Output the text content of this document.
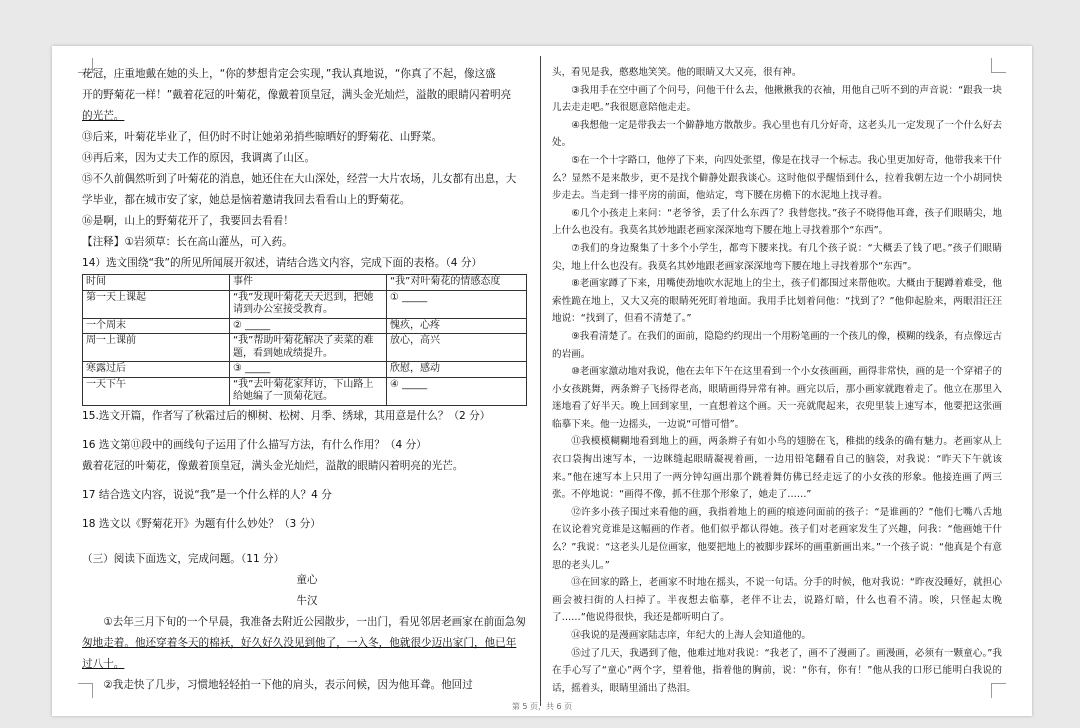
花冠，庄重地戴在她的头上，“你的梦想肯定会实现，”我认真地说，“你真了不起，像这盛

开的野菊花一样！”戴着花冠的叶菊花，像戴着顶皇冠，满头金光灿烂，溢散的眼睛闪着明亮

的光芒。

⑬后来，叶菊花毕业了，但仍时不时让她弟弟捎些晾晒好的野菊花、山野菜。

⑭再后来，因为丈夫工作的原因，我调离了山区。

⑮不久前偶然听到了叶菊花的消息，她还住在大山深处，经营一大片农场，儿女都有出息，大

学毕业，都在城市安了家，她总是恼着邀请我回去看看山上的野菊花。

⑯是啊，山上的野菊花开了，我要回去看看！

【注释】①岩须草：长在高山灌丛，可入药。

14）选文围绕“我”的所见所闻展开叙述，请结合选文内容，完成下面的表格。（4 分）

时间	事件	“我”对叶菊花的情感态度
第一天上课起	“我”发现叶菊花天天迟到，把她请到办公室接受教育。	① _____
一个周末	② _____	愧疚，心疼
周一上课前	“我”帮助叶菊花解决了卖菜的难题，看到她成绩提升。	放心，高兴
寒露过后	③ _____	欣慰，感动
一天下午	“我”去叶菊花家拜访，下山路上给她编了一顶菊花冠。	④ _____

15.选文开篇，作者写了秋霜过后的柳树、松树、月季、绣球，其用意是什么？（2 分）

16 选文第⑪段中的画线句子运用了什么描写方法，有什么作用？（4 分）

戴着花冠的叶菊花，像戴着顶皇冠，满头金光灿烂，溢散的眼睛闪着明亮的光芒。

17 结合选文内容，说说“我”是一个什么样的人？4 分

18 选文以《野菊花开》为题有什么妙处？（3 分）

（三）阅读下面选文，完成问题。（11 分）

童心

牛汉

①去年三月下旬的一个早晨，我准备去附近公园散步，一出门，看见邻居老画家在前面急匆

匆地走着。他还穿着冬天的棉袄，好久好久没见到他了，一入冬，他就很少迈出家门，他已年

过八十。

②我走快了几步，习惯地轻轻拍一下他的肩头，表示问候，因为他耳聋。他回过

头，看见是我，憨憨地笑笑。他的眼睛又大又亮，很有神。

③我用手在空中画了个问号，问他干什么去，他揪揪我的衣袖，用他自己听不到的声音说：“跟我一块儿去走走吧。”我很愿意陪他走走。

④我想他一定是带我去一个僻静地方散散步。我心里也有几分好奇，这老头儿一定发现了一个什么好去处。

⑤在一个十字路口，他停了下来，向四处张望，像是在找寻一个标志。我心里更加好奇，他带我来干什么？显然不是来散步，更不是找个僻静处跟我谈心。这时他似乎醒悟到什么，拉着我朝左边一个小胡同快步走去。当走到一排平房的前面，他站定，弯下腰在房檐下的水泥地上找寻着。

⑥几个小孩走上来问：“老爷爷，丢了什么东西了？我替您找。”孩子不晓得他耳聋，孩子们眼睛尖，地上什么也没有。我莫名其妙地跟老画家深深地弯下腰在地上寻找着那个“东西”。

⑦我们的身边聚集了十多个小学生，都弯下腰来找。有几个孩子说：“大概丢了钱了吧。”孩子们眼睛尖，地上什么也没有。我莫名其妙地跟老画家深深地弯下腰在地上寻找着那个“东西”。

⑧老画家蹲了下来，用嘴使劲地吹水泥地上的尘土，孩子们都围过来帮他吹。大概由于腿蹲着难受，他索性跪在地上，又大又亮的眼睛死死盯着地面。我用手比划着问他：“找到了？”他仰起脸来，两眼泪汪汪地说：“找到了，但看不清楚了。”

⑨我看清楚了。在我们的面前，隐隐约约现出一个用粉笔画的一个孩儿的像，模糊的线条，有点像远古的岩画。

⑩老画家激动地对我说，他在去年下午在这里看到一个小女孩画画，画得非常快，画的是一个穿裙子的小女孩跳舞，两条辫子飞扬得老高，眼睛画得异常有神。画完以后，那小画家就跑着走了。他立在那里入迷地看了好半天。晚上回到家里，一直想着这个画。天一亮就爬起来，衣兜里装上速写本，他要把这张画临摹下来。他一边摇头，一边说“可惜可惜”。

⑪我模模糊糊地看到地上的画，两条辫子有如小鸟的翅膀在飞，稚拙的线条的确有魅力。老画家从上衣口袋掏出速写本，一边眯缝起眼睛凝视着画，一边用铅笔翻看自己的脑袋，对我说：“昨天下午就该来。”他在速写本上只用了一两分钟勾画出那个跳着舞仿佛已经走远了的小女孩的形象。他接连画了两三张。不停地说：“画得不像，抓不住那个形象了，她走了……”

⑫许多小孩子围过来看他的画，我指着地上的画的痕迹问面前的孩子：“是谁画的？”他们七嘴八舌地在议论着究竟谁是这幅画的作者。他们似乎都认得她。孩子们对老画家发生了兴趣，问我：“他画她干什么？”我说：“这老头儿是位画家，他要把地上的被脚步踩坏的画重新画出来。”一个孩子说：“他真是个有意思的老头儿。”

⑬在回家的路上，老画家不时地在摇头，不说一句话。分手的时候，他对我说：“昨夜没睡好，就担心画会被扫街的人扫掉了。半夜想去临摹，老伴不让去，说路灯暗，什么也看不清。唉，只怪起太晚了……”他说得很快，我还是都听明白了。

⑭我说的是漫画家陆志庠，年纪大的上海人会知道他的。

⑮过了几天，我遇到了他，他难过地对我说：“我老了，画不了漫画了。画漫画，必须有一颗童心。”我在手心写了“童心”两个字，望着他，指着他的胸前，说：“你有，你有！”他从我的口形已能明白我说的话，摇着头，眼睛里涌出了热泪。

第 5 页，共 6 页
